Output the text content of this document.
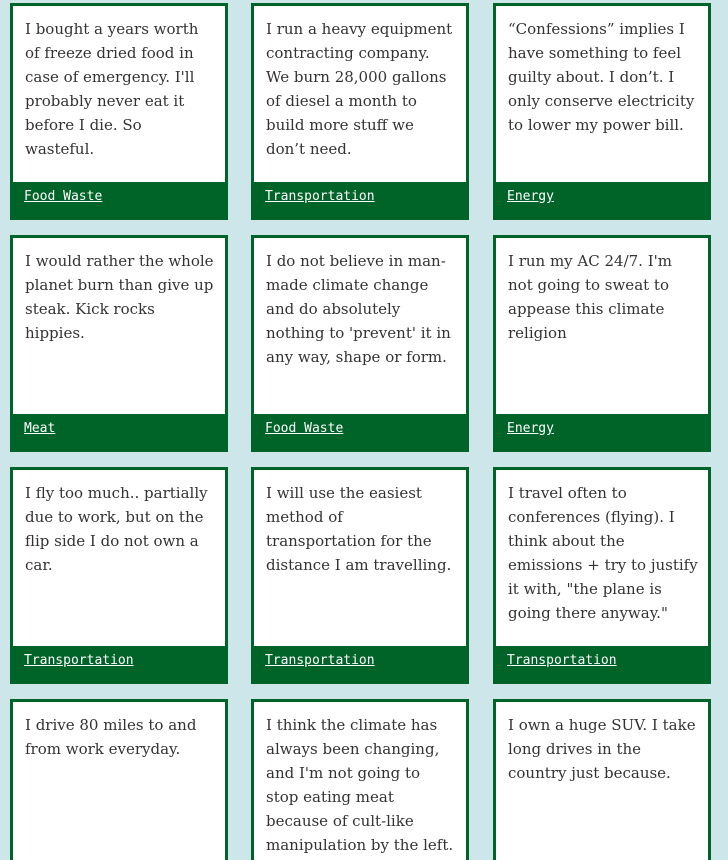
I bought a years worth of freeze dried food in case of emergency. I'll probably never eat it before I die. So wasteful.
Food Waste
I run a heavy equipment contracting company. We burn 28,000 gallons of diesel a month to build more stuff we don’t need.
Transportation
“Confessions” implies I have something to feel guilty about. I don’t. I only conserve electricity to lower my power bill.
Energy
I would rather the whole planet burn than give up steak. Kick rocks hippies.
Meat
I do not believe in man-made climate change and do absolutely nothing to 'prevent' it in any way, shape or form.
Food Waste
I run my AC 24/7. I'm not going to sweat to appease this climate religion
Energy
I fly too much.. partially due to work, but on the flip side I do not own a car.
Transportation
I will use the easiest method of transportation for the distance I am travelling.
Transportation
I travel often to conferences (flying). I think about the emissions + try to justify it with, "the plane is going there anyway."
Transportation
I drive 80 miles to and from work everyday.
I think the climate has always been changing, and I'm not going to stop eating meat because of cult-like manipulation by the left.
I own a huge SUV. I take long drives in the country just because.
